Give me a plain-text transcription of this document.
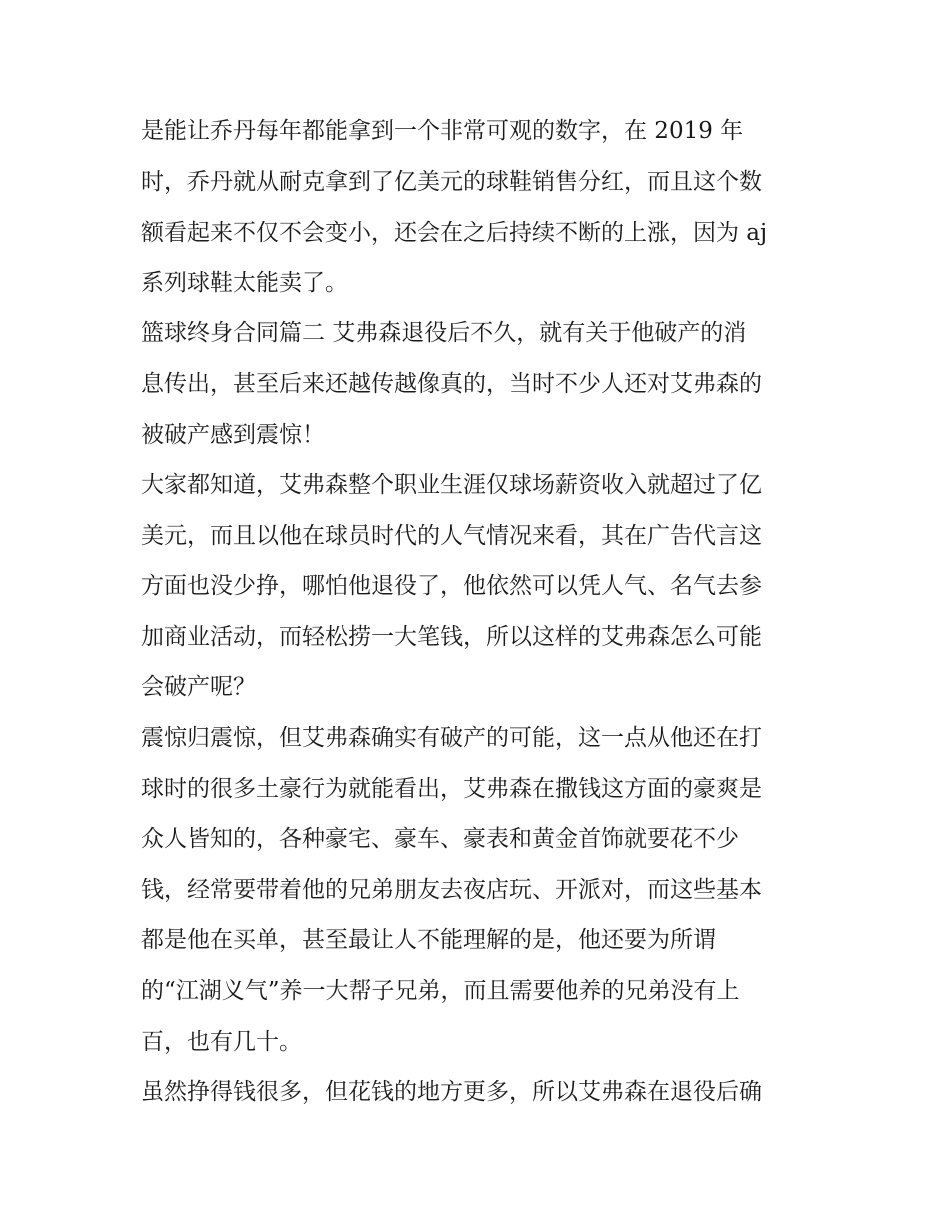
是能让乔丹每年都能拿到一个非常可观的数字，在 2019 年

时，乔丹就从耐克拿到了亿美元的球鞋销售分红，而且这个数

额看起来不仅不会变小，还会在之后持续不断的上涨，因为 aj

系列球鞋太能卖了。

篮球终身合同篇二 艾弗森退役后不久，就有关于他破产的消

息传出，甚至后来还越传越像真的，当时不少人还对艾弗森的

被破产感到震惊！

大家都知道，艾弗森整个职业生涯仅球场薪资收入就超过了亿

美元，而且以他在球员时代的人气情况来看，其在广告代言这

方面也没少挣，哪怕他退役了，他依然可以凭人气、名气去参

加商业活动，而轻松捞一大笔钱，所以这样的艾弗森怎么可能

会破产呢？

震惊归震惊，但艾弗森确实有破产的可能，这一点从他还在打

球时的很多土豪行为就能看出，艾弗森在撒钱这方面的豪爽是

众人皆知的，各种豪宅、豪车、豪表和黄金首饰就要花不少

钱，经常要带着他的兄弟朋友去夜店玩、开派对，而这些基本

都是他在买单，甚至最让人不能理解的是，他还要为所谓

的“江湖义气”养一大帮子兄弟，而且需要他养的兄弟没有上

百，也有几十。

虽然挣得钱很多，但花钱的地方更多，所以艾弗森在退役后确
